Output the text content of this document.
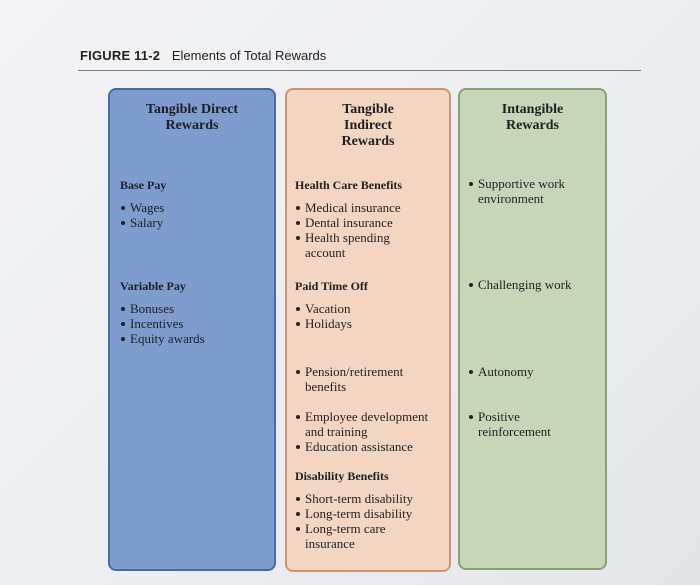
FIGURE 11-2 Elements of Total Rewards
Tangible Direct Rewards
Base Pay
Wages
Salary
Variable Pay
Bonuses
Incentives
Equity awards
Tangible Indirect Rewards
Health Care Benefits
Medical insurance
Dental insurance
Health spending account
Paid Time Off
Vacation
Holidays
Pension/retirement benefits
Employee development and training
Education assistance
Disability Benefits
Short-term disability
Long-term disability
Long-term care insurance
Intangible Rewards
Supportive work environment
Challenging work
Autonomy
Positive reinforcement
